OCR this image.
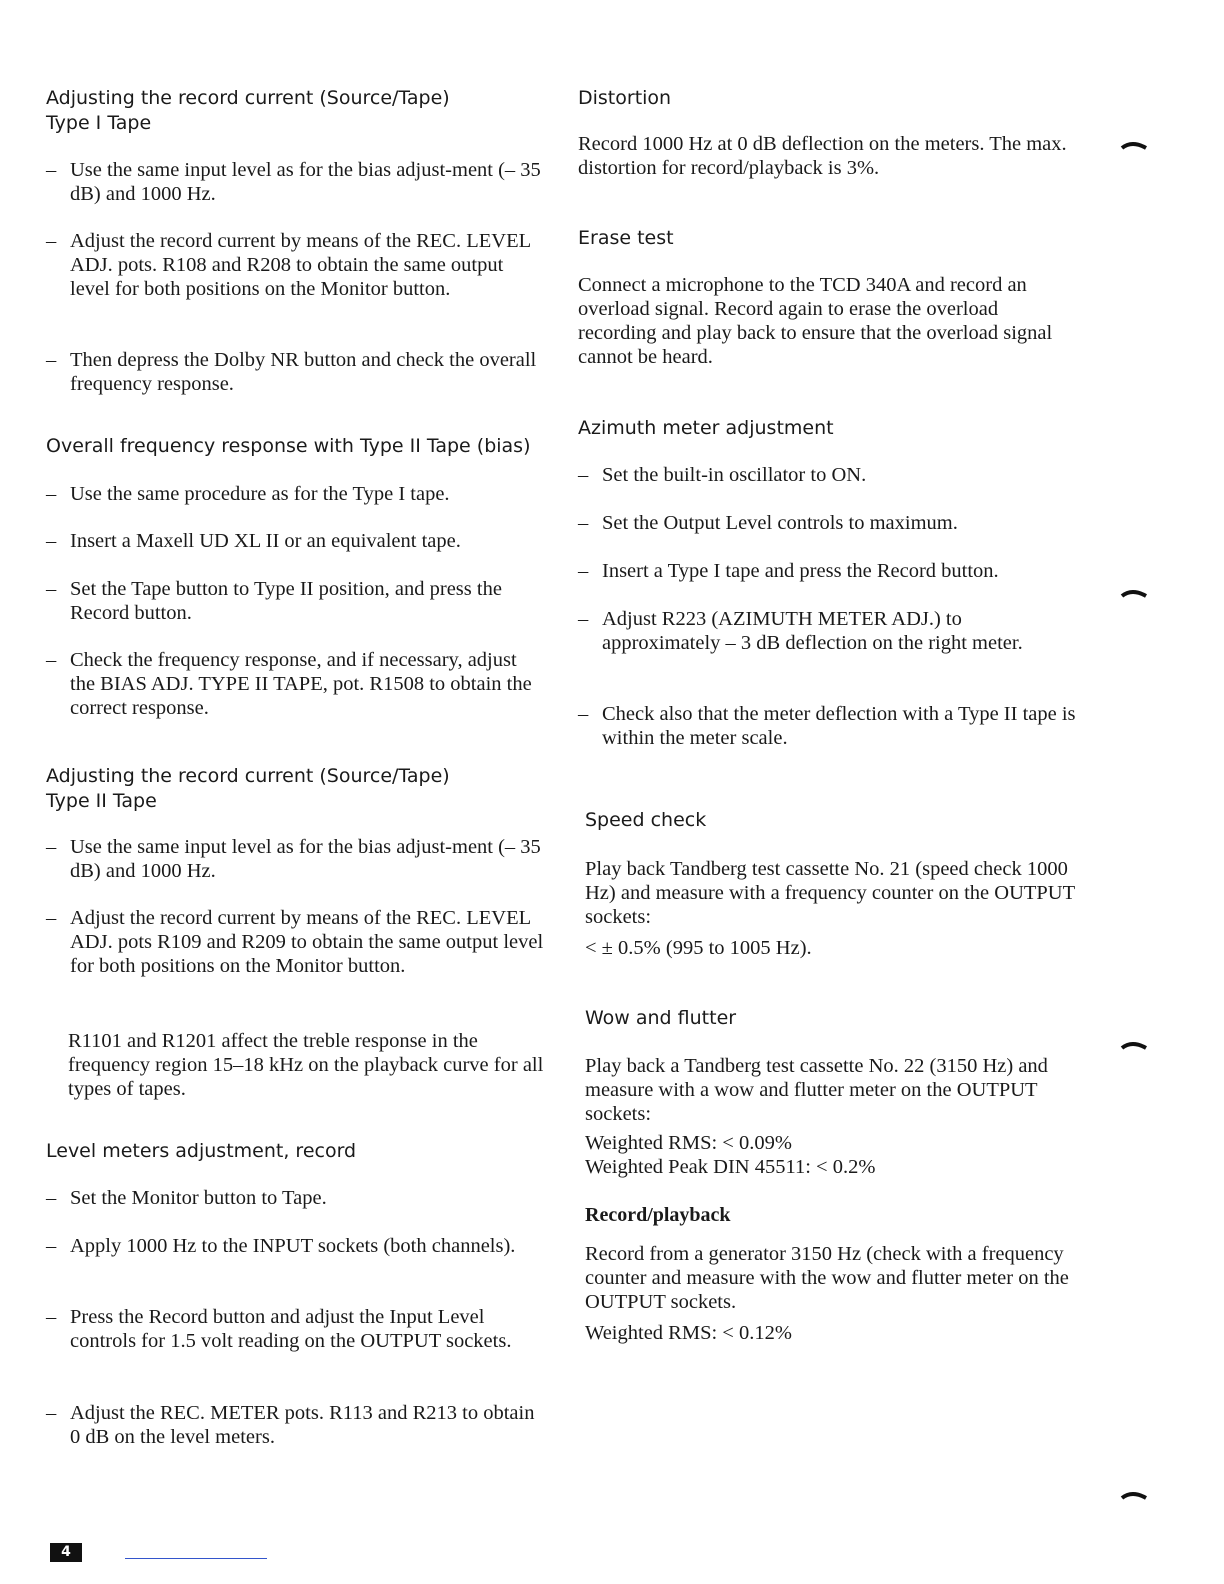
Adjusting the record current (Source/Tape)

Type I Tape

– Use the same input level as for the bias adjust-ment (– 35 dB) and 1000 Hz.
– Adjust the record current by means of the REC. LEVEL ADJ. pots. R108 and R208 to obtain the same output level for both positions on the Monitor button.
– Then depress the Dolby NR button and check the overall frequency response.

Overall frequency response with Type II Tape (bias)

– Use the same procedure as for the Type I tape.
– Insert a Maxell UD XL II or an equivalent tape.
– Set the Tape button to Type II position, and press the Record button.
– Check the frequency response, and if necessary, adjust the BIAS ADJ. TYPE II TAPE, pot. R1508 to obtain the correct response.

Adjusting the record current (Source/Tape)

Type II Tape

– Use the same input level as for the bias adjust-ment (– 35 dB) and 1000 Hz.
– Adjust the record current by means of the REC. LEVEL ADJ. pots R109 and R209 to obtain the same output level for both positions on the Monitor button.

R1101 and R1201 affect the treble response in the frequency region 15–18 kHz on the playback curve for all types of tapes.

Level meters adjustment, record

– Set the Monitor button to Tape.
– Apply 1000 Hz to the INPUT sockets (both channels).
– Press the Record button and adjust the Input Level controls for 1.5 volt reading on the OUTPUT sockets.
– Adjust the REC. METER pots. R113 and R213 to obtain 0 dB on the level meters.

Distortion

Record 1000 Hz at 0 dB deflection on the meters. The max. distortion for record/playback is 3%.

Erase test

Connect a microphone to the TCD 340A and record an overload signal. Record again to erase the overload recording and play back to ensure that the overload signal cannot be heard.

Azimuth meter adjustment

– Set the built-in oscillator to ON.
– Set the Output Level controls to maximum.
– Insert a Type I tape and press the Record button.
– Adjust R223 (AZIMUTH METER ADJ.) to approximately – 3 dB deflection on the right meter.
– Check also that the meter deflection with a Type II tape is within the meter scale.

Speed check

Play back Tandberg test cassette No. 21 (speed check 1000 Hz) and measure with a frequency counter on the OUTPUT sockets:

< ± 0.5% (995 to 1005 Hz).

Wow and flutter

Play back a Tandberg test cassette No. 22 (3150 Hz) and measure with a wow and flutter meter on the OUTPUT sockets:

Weighted RMS: < 0.09%

Weighted Peak DIN 45511: < 0.2%

Record/playback

Record from a generator 3150 Hz (check with a frequency counter and measure with the wow and flutter meter on the OUTPUT sockets.

Weighted RMS: < 0.12%

4
